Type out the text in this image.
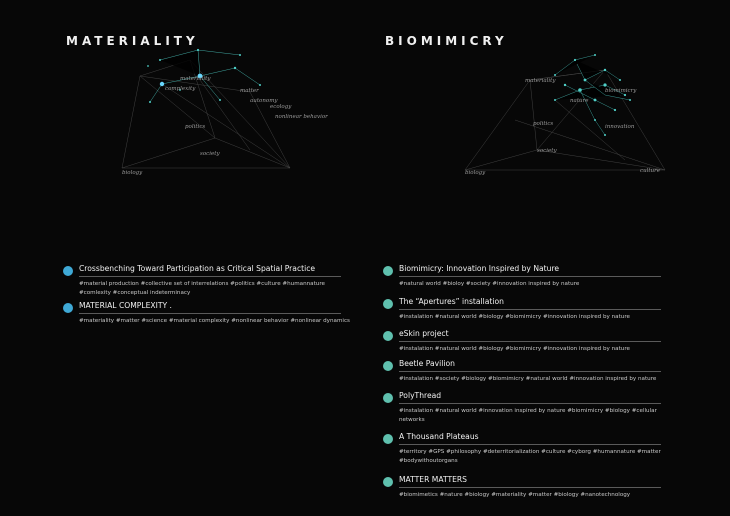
MATERIALITY
materiality
complexity	matter
autonomy
ecology
nonlinear behavior
politics
society
biology
Crossbenching Toward Participation as Critical Spatial Practice
#material production #collective set of interrelations #politics #culture #humannature #comlexity #conceptual indeterminacy
MATERIAL COMPLEXITY .
#materiality #matter #science #material complexity #nonlinear behavior #nonlinear dynamics
BIOMIMICRY
materiality
biomimicry
nature
politics
society
biology
innovation
culture
Biomimicry: Innovation Inspired by Nature
#natural world #bioloy #society #innovation inspired by nature
The “Apertures” installation
#instalation #natural world #biology #biomimicry #innovation inspired by nature
eSkin project
#instalation #natural world #biology #biomimicry #innovation inspired by nature
Beetle Pavilion
#instalation #society #biology #biomimicry #natural world #innovation inspired by nature
PolyThread
#instalation #natural world #innovation inspired by nature #biomimicry #biology #cellular networks
A Thousand Plateaus
#territory #GPS #philosophy #deterritorialization #culture #cyborg #humannature #matter #bodywithoutorgans
MATTER MATTERS
#biomimetics #nature #biology #materiality #matter #biology #nanotechnology
